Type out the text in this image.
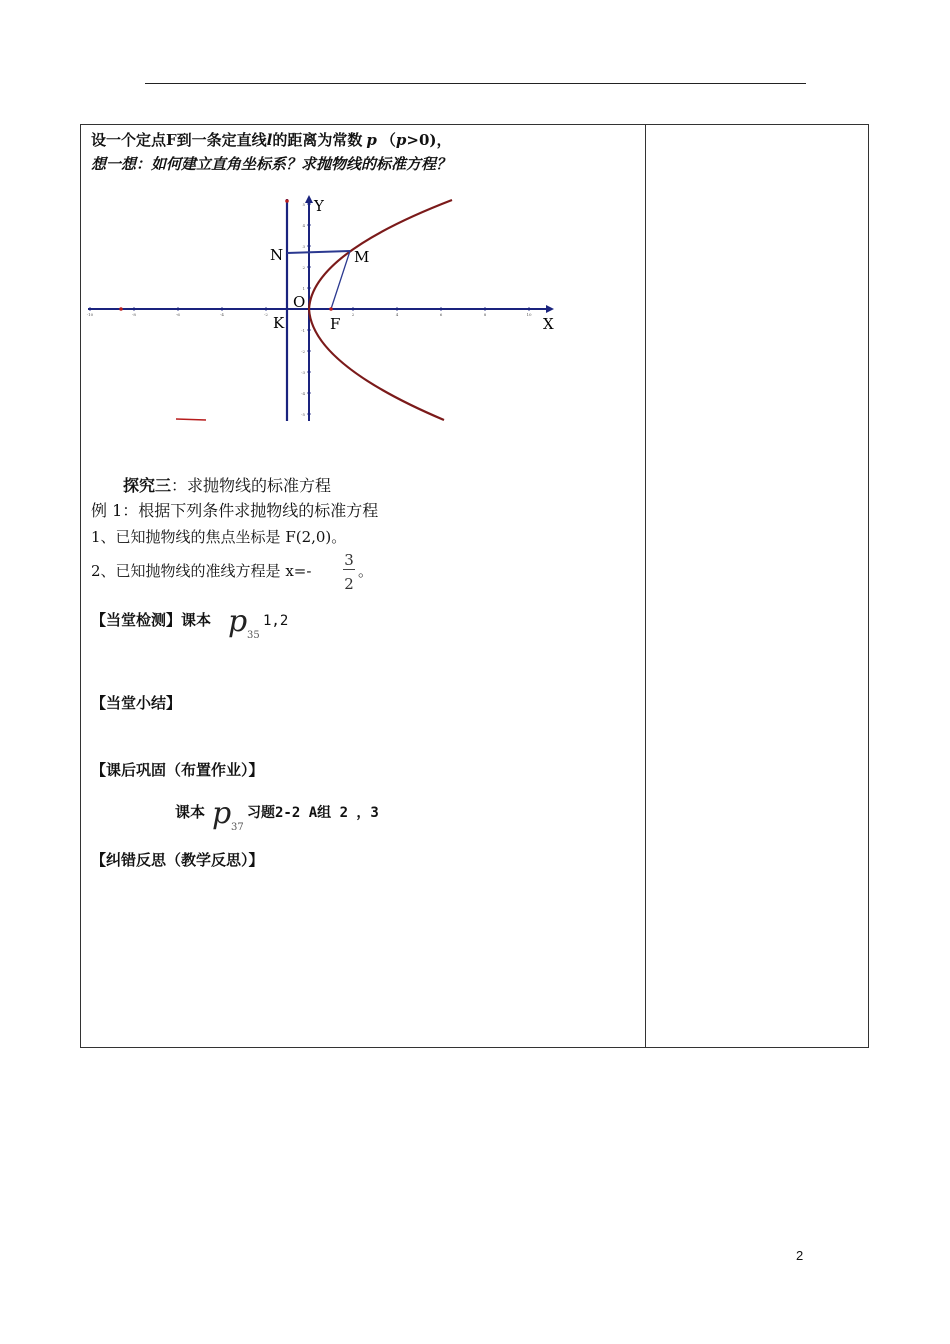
设一个定点F到一条定直线l的距离为常数 p （p>0)，
想一想：如何建立直角坐标系？求抛物线的标准方程？
-10	-8	-6	-4	-2	2	4	6	8	10
5
4
3
2
1
-1
-2
-3
-4
-5
Y
X
N	M
O
K	F
探究三：求抛物线的标准方程
例 1：根据下列条件求抛物线的标准方程
1、已知抛物线的焦点坐标是 F(2,0)。
2、已知抛物线的准线方程是 x=-
3
2
。
【当堂检测】课本 p 35
1,2
【当堂小结】
【课后巩固（布置作业）】
课本 p 37
习题2-2 A组 2 ，3
【纠错反思（教学反思）】
2
